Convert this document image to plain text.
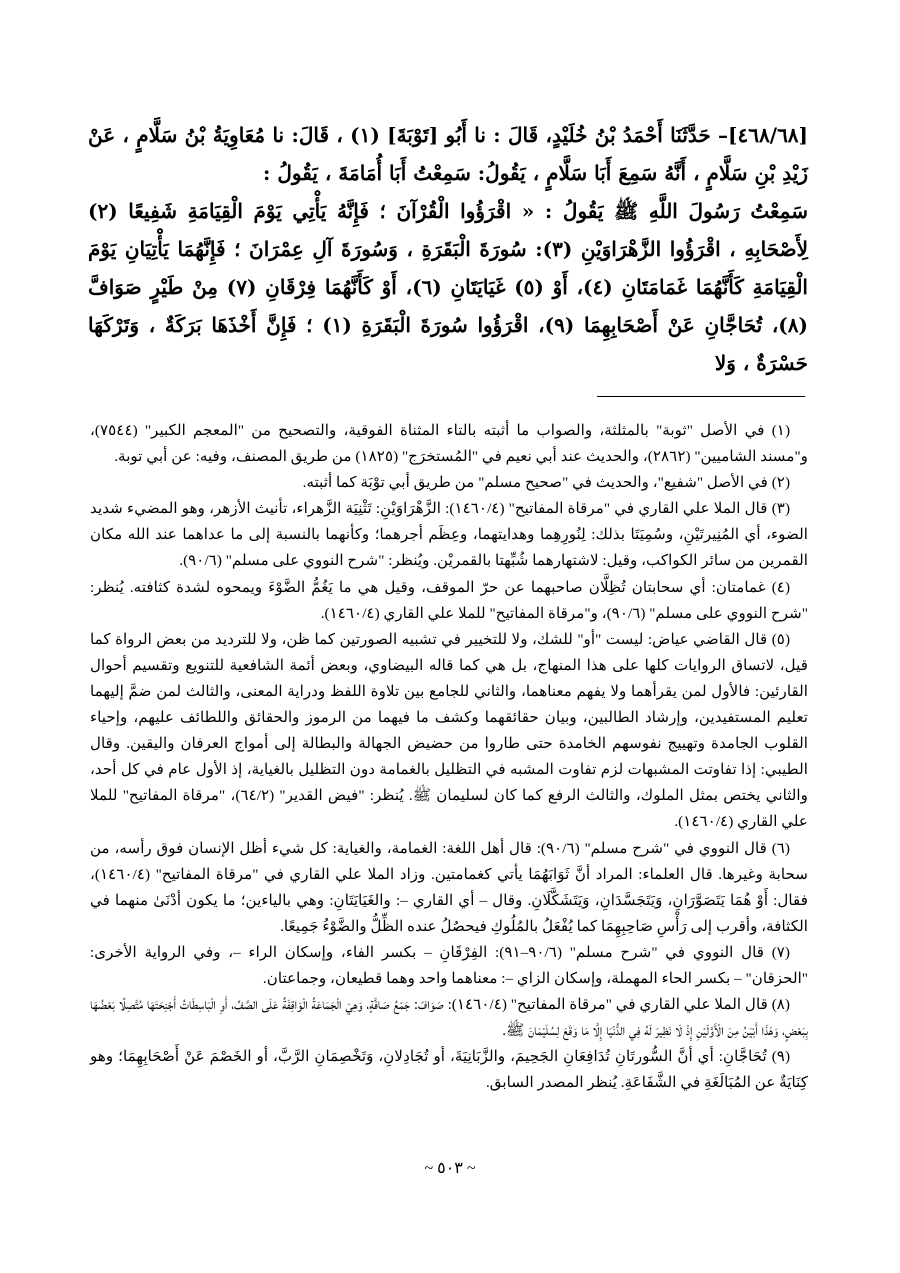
[٤٦٨/٦٨]– حَدَّثَنَا أَحْمَدُ بْنُ خُلَيْدٍ، قَالَ : نا أَبُو [تَوْبَةَ] (١) ، قَالَ: نا مُعَاوِيَةُ بْنُ سَلَّامٍ ، عَنْ زَيْدِ بْنِ سَلَّامٍ ، أَنَّهُ سَمِعَ أَبَا سَلَّامٍ ، يَقُولُ: سَمِعْتُ أَبَا أُمَامَةَ ، يَقُولُ :

سَمِعْتُ رَسُولَ اللَّهِ ﷺ يَقُولُ : « اقْرَؤُوا الْقُرْآنَ ؛ فَإِنَّهُ يَأْتِي يَوْمَ الْقِيَامَةِ شَفِيعًا (٢) لِأَصْحَابِهِ ، اقْرَؤُوا الزَّهْرَاوَيْنِ (٣): سُورَةَ الْبَقَرَةِ ، وَسُورَةَ آلِ عِمْرَانَ ؛ فَإِنَّهُمَا يَأْتِيَانِ يَوْمَ الْقِيَامَةِ كَأَنَّهُمَا غَمَامَتَانِ (٤)، أَوْ (٥) غَيَايَتَانِ (٦)، أَوْ كَأَنَّهُمَا فِرْقَانِ (٧) مِنْ طَيْرٍ صَوَافَّ (٨)، تُحَاجَّانِ عَنْ أَصْحَابِهِمَا (٩)، اقْرَؤُوا سُورَةَ الْبَقَرَةِ (١) ؛ فَإِنَّ أَخْذَهَا بَرَكَةٌ ، وَتَرْكَهَا حَسْرَةٌ ، وَلا

(١) في الأصل "ثوبة" بالمثلثة، والصواب ما أثبته بالتاء المثناة الفوقية، والتصحيح من "المعجم الكبير" (٧٥٤٤)، و"مسند الشاميين" (٢٨٦٢)، والحديث عند أبي نعيم في "المُستخرَج" (١٨٢٥) من طريق المصنف، وفيه: عن أبي توبة.

(٢) في الأصل "شفيع"، والحديث في "صحيح مسلم" من طريق أبي توْبَة كما أثبته.

(٣) قال الملا علي القاري في "مرقاة المفاتيح" (١٤٦٠/٤): الزَّهْرَاوَيْنِ: تَثْنِيَة الزَّهراء، تأنيث الأزهر، وهو المضيء شديد الضوء، أي المُنِيرتَيْنِ، وسُمِيَتَا بذلك: لِنُورِهِما وهدايتهما، وعِظَم أجرهما؛ وكأنهما بالنسبة إلى ما عداهما عند الله مكان القمرين من سائر الكواكب، وقيل: لاشتهارهما شُبِّهتا بالقمريْن. ويُنظر: "شرح النووي على مسلم" (٩٠/٦).

(٤) غمامتان: أي سحابتان تُظِلَّان صاحبهما عن حرّ الموقف، وقيل هي ما يَغُمُّ الضَّوْءَ ويمحوه لشدة كثافته. يُنظر: "شرح النووي على مسلم" (٩٠/٦)، و"مرقاة المفاتيح" للملا علي القاري (١٤٦٠/٤).

(٥) قال القاضي عياض: ليست "أو" للشك، ولا للتخيير في تشبيه الصورتين كما ظن، ولا للترديد من بعض الرواة كما قيل، لاتساق الروايات كلها على هذا المنهاج، بل هي كما قاله البيضاوي، وبعض أئمة الشافعية للتنويع وتقسيم أحوال القارئين: فالأول لمن يقرأهما ولا يفهم معناهما، والثاني للجامع بين تلاوة اللفظ ودراية المعنى، والثالث لمن ضمَّ إليهما تعليم المستفيدين، وإرشاد الطالبين، وبيان حقائقهما وكشف ما فيهما من الرموز والحقائق واللطائف عليهم، وإحياء القلوب الجامدة وتهييج نفوسهم الخامدة حتى طاروا من حضيض الجهالة والبطالة إلى أمواج العرفان واليقين. وقال الطيبي: إذا تفاوتت المشبهات لزم تفاوت المشبه في التظليل بالغمامة دون التظليل بالغياية، إذ الأول عام في كل أحد، والثاني يختص بمثل الملوك، والثالث الرفع كما كان لسليمان ﷺ. يُنظر: "فيض القدير" (٦٤/٢)، "مرقاة المفاتيح" للملا علي القاري (١٤٦٠/٤).

(٦) قال النووي في "شرح مسلم" (٩٠/٦): قال أهل اللغة: الغمامة، والغياية: كل شيء أظل الإنسان فوق رأسه، من سحابة وغيرها. قال العلماء: المراد أنَّ ثَوَابَهُمَا يأتي كغمامتين. وزاد الملا علي القاري في "مرقاة المفاتيح" (١٤٦٠/٤)، فقال: أَوْ هُمَا يَتَصَوَّرَانِ، وَيَتَجَسَّدَانِ، وَيَتَشَكَّلَانِ. وقال – أي القاري –: والغَيَايَتَانِ: وهي بالياءين؛ ما يكون أدْنَىٰ منهما في الكثافة، وأقرب إلى رَأْسِ صَاحِبِهِمَا كما يُفْعَلُ بالمُلُوكِ فيحصُلُ عنده الظِّلُّ والضَّوْءُ جَمِيعًا.

(٧) قال النووي في "شرح مسلم" (٩٠/٦–٩١): الفِرْقَانِ – بكسر الفاء، وإسكان الراء –، وفي الرواية الأخرى: "الحزقان" – بكسر الحاء المهملة، وإسكان الزاي –: معناهما واحد وهما قطيعان، وجماعتان.

(٨) قال الملا علي القاري في "مرقاة المفاتيح" (١٤٦٠/٤): صَوَافّ: جَمْعُ صَافَّةٍ، وَهِيَ الْجَمَاعَةُ الْوَاقِفَةُ عَلَى الصَّفِّ، أَوِ الْبَاسِطَاتُ أَجْنِحَتَهَا مُتَّصِلًا بَعْضُهَا بِبَعْضٍ، وَهَذَا أَبْيَنُ مِنَ الْأَوَّلَيْنِ إِذْ لَا نَظِيرَ لَهُ فِي الدُّنْيَا إِلَّا مَا وَقَعَ لِسُلَيْمَانَ ﷺ.

(٩) تُحَاجَّانِ: أي أنَّ السُّورتَانِ تُدَافِعَانِ الجَحِيمَ، والزَّبَانِيَةَ، أو تُجَادِلانِ، وَتَخْصِمَانِ الرَّبَّ، أو الخَصْمَ عَنْ أَصْحَابِهِمَا؛ وهو كِنَايَةٌ عن المُبَالَغَةِ في الشَّفَاعَةِ. يُنظر المصدر السابق.

~ ٥٠٣ ~
